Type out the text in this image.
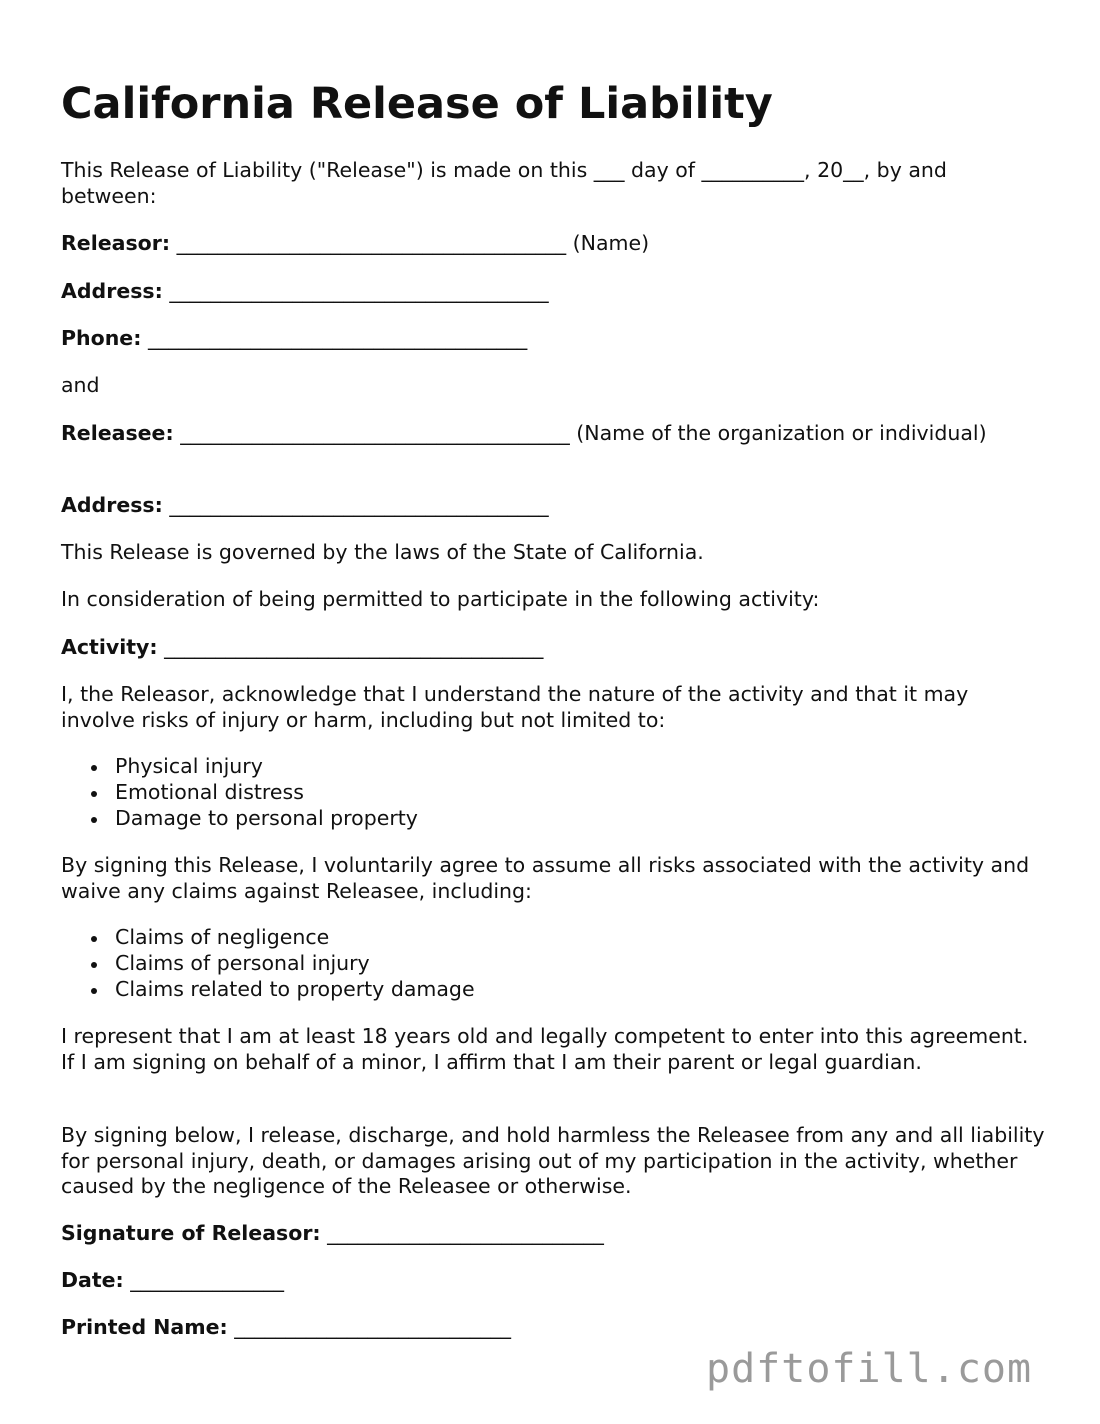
California Release of Liability

This Release of Liability ("Release") is made on this ___ day of __________, 20__, by and between:

Releasor: ______________________________________ (Name)

Address: _____________________________________

Phone: _____________________________________

and

Releasee: ______________________________________ (Name of the organization or individual)

Address: _____________________________________

This Release is governed by the laws of the State of California.

In consideration of being permitted to participate in the following activity:

Activity: _____________________________________

I, the Releasor, acknowledge that I understand the nature of the activity and that it may involve risks of injury or harm, including but not limited to:

Physical injury
Emotional distress
Damage to personal property

By signing this Release, I voluntarily agree to assume all risks associated with the activity and waive any claims against Releasee, including:

Claims of negligence
Claims of personal injury
Claims related to property damage

I represent that I am at least 18 years old and legally competent to enter into this agreement. If I am signing on behalf of a minor, I affirm that I am their parent or legal guardian.

By signing below, I release, discharge, and hold harmless the Releasee from any and all liability for personal injury, death, or damages arising out of my participation in the activity, whether caused by the negligence of the Releasee or otherwise.

Signature of Releasor: ___________________________

Date: _______________

Printed Name: ___________________________

pdftofill.com
